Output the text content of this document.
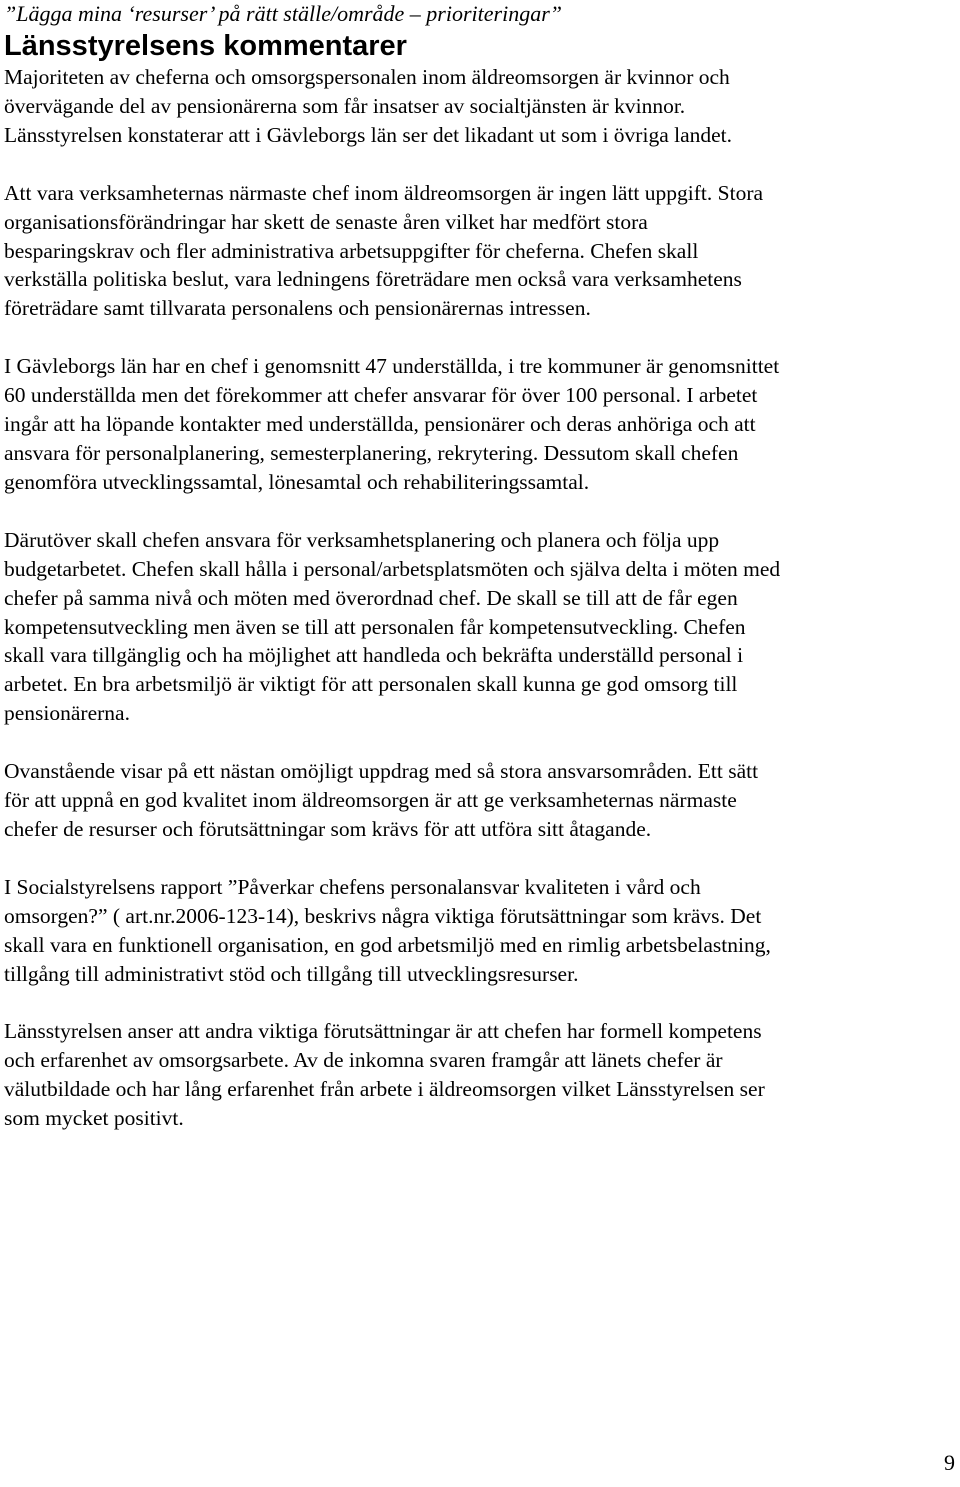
”Lägga mina ‘resurser’ på rätt ställe/område – prioriteringar”

Länsstyrelsens kommentarer

Majoriteten av cheferna och omsorgspersonalen inom äldreomsorgen är kvinnor och övervägande del av pensionärerna som får insatser av socialtjänsten är kvinnor. Länsstyrelsen konstaterar att i Gävleborgs län ser det likadant ut som i övriga landet.

Att vara verksamheternas närmaste chef inom äldreomsorgen är ingen lätt uppgift. Stora organisationsförändringar har skett de senaste åren vilket har medfört stora besparingskrav och fler administrativa arbetsuppgifter för cheferna. Chefen skall verkställa politiska beslut, vara ledningens företrädare men också vara verksamhetens företrädare samt tillvarata personalens och pensionärernas intressen.

I Gävleborgs län har en chef i genomsnitt 47 underställda, i tre kommuner är genomsnittet 60 underställda men det förekommer att chefer ansvarar för över 100 personal. I arbetet ingår att ha löpande kontakter med underställda, pensionärer och deras anhöriga och att ansvara för personalplanering, semesterplanering, rekrytering. Dessutom skall chefen genomföra utvecklingssamtal, lönesamtal och rehabiliteringssamtal.

Därutöver skall chefen ansvara för verksamhetsplanering och planera och följa upp budgetarbetet. Chefen skall hålla i personal/arbetsplatsmöten och själva delta i möten med chefer på samma nivå och möten med överordnad chef. De skall se till att de får egen kompetensutveckling men även se till att personalen får kompetensutveckling. Chefen skall vara tillgänglig och ha möjlighet att handleda och bekräfta underställd personal i arbetet. En bra arbetsmiljö är viktigt för att personalen skall kunna ge god omsorg till pensionärerna.

Ovanstående visar på ett nästan omöjligt uppdrag med så stora ansvarsområden. Ett sätt för att uppnå en god kvalitet inom äldreomsorgen är att ge verksamheternas närmaste chefer de resurser och förutsättningar som krävs för att utföra sitt åtagande.

I Socialstyrelsens rapport ”Påverkar chefens personalansvar kvaliteten i vård och omsorgen?” ( art.nr.2006-123-14), beskrivs några viktiga förutsättningar som krävs. Det skall vara en funktionell organisation, en god arbetsmiljö med en rimlig arbetsbelastning, tillgång till administrativt stöd och tillgång till utvecklingsresurser.

Länsstyrelsen anser att andra viktiga förutsättningar är att chefen har formell kompetens och erfarenhet av omsorgsarbete. Av de inkomna svaren framgår att länets chefer är välutbildade och har lång erfarenhet från arbete i äldreomsorgen vilket Länsstyrelsen ser som mycket positivt.

9
